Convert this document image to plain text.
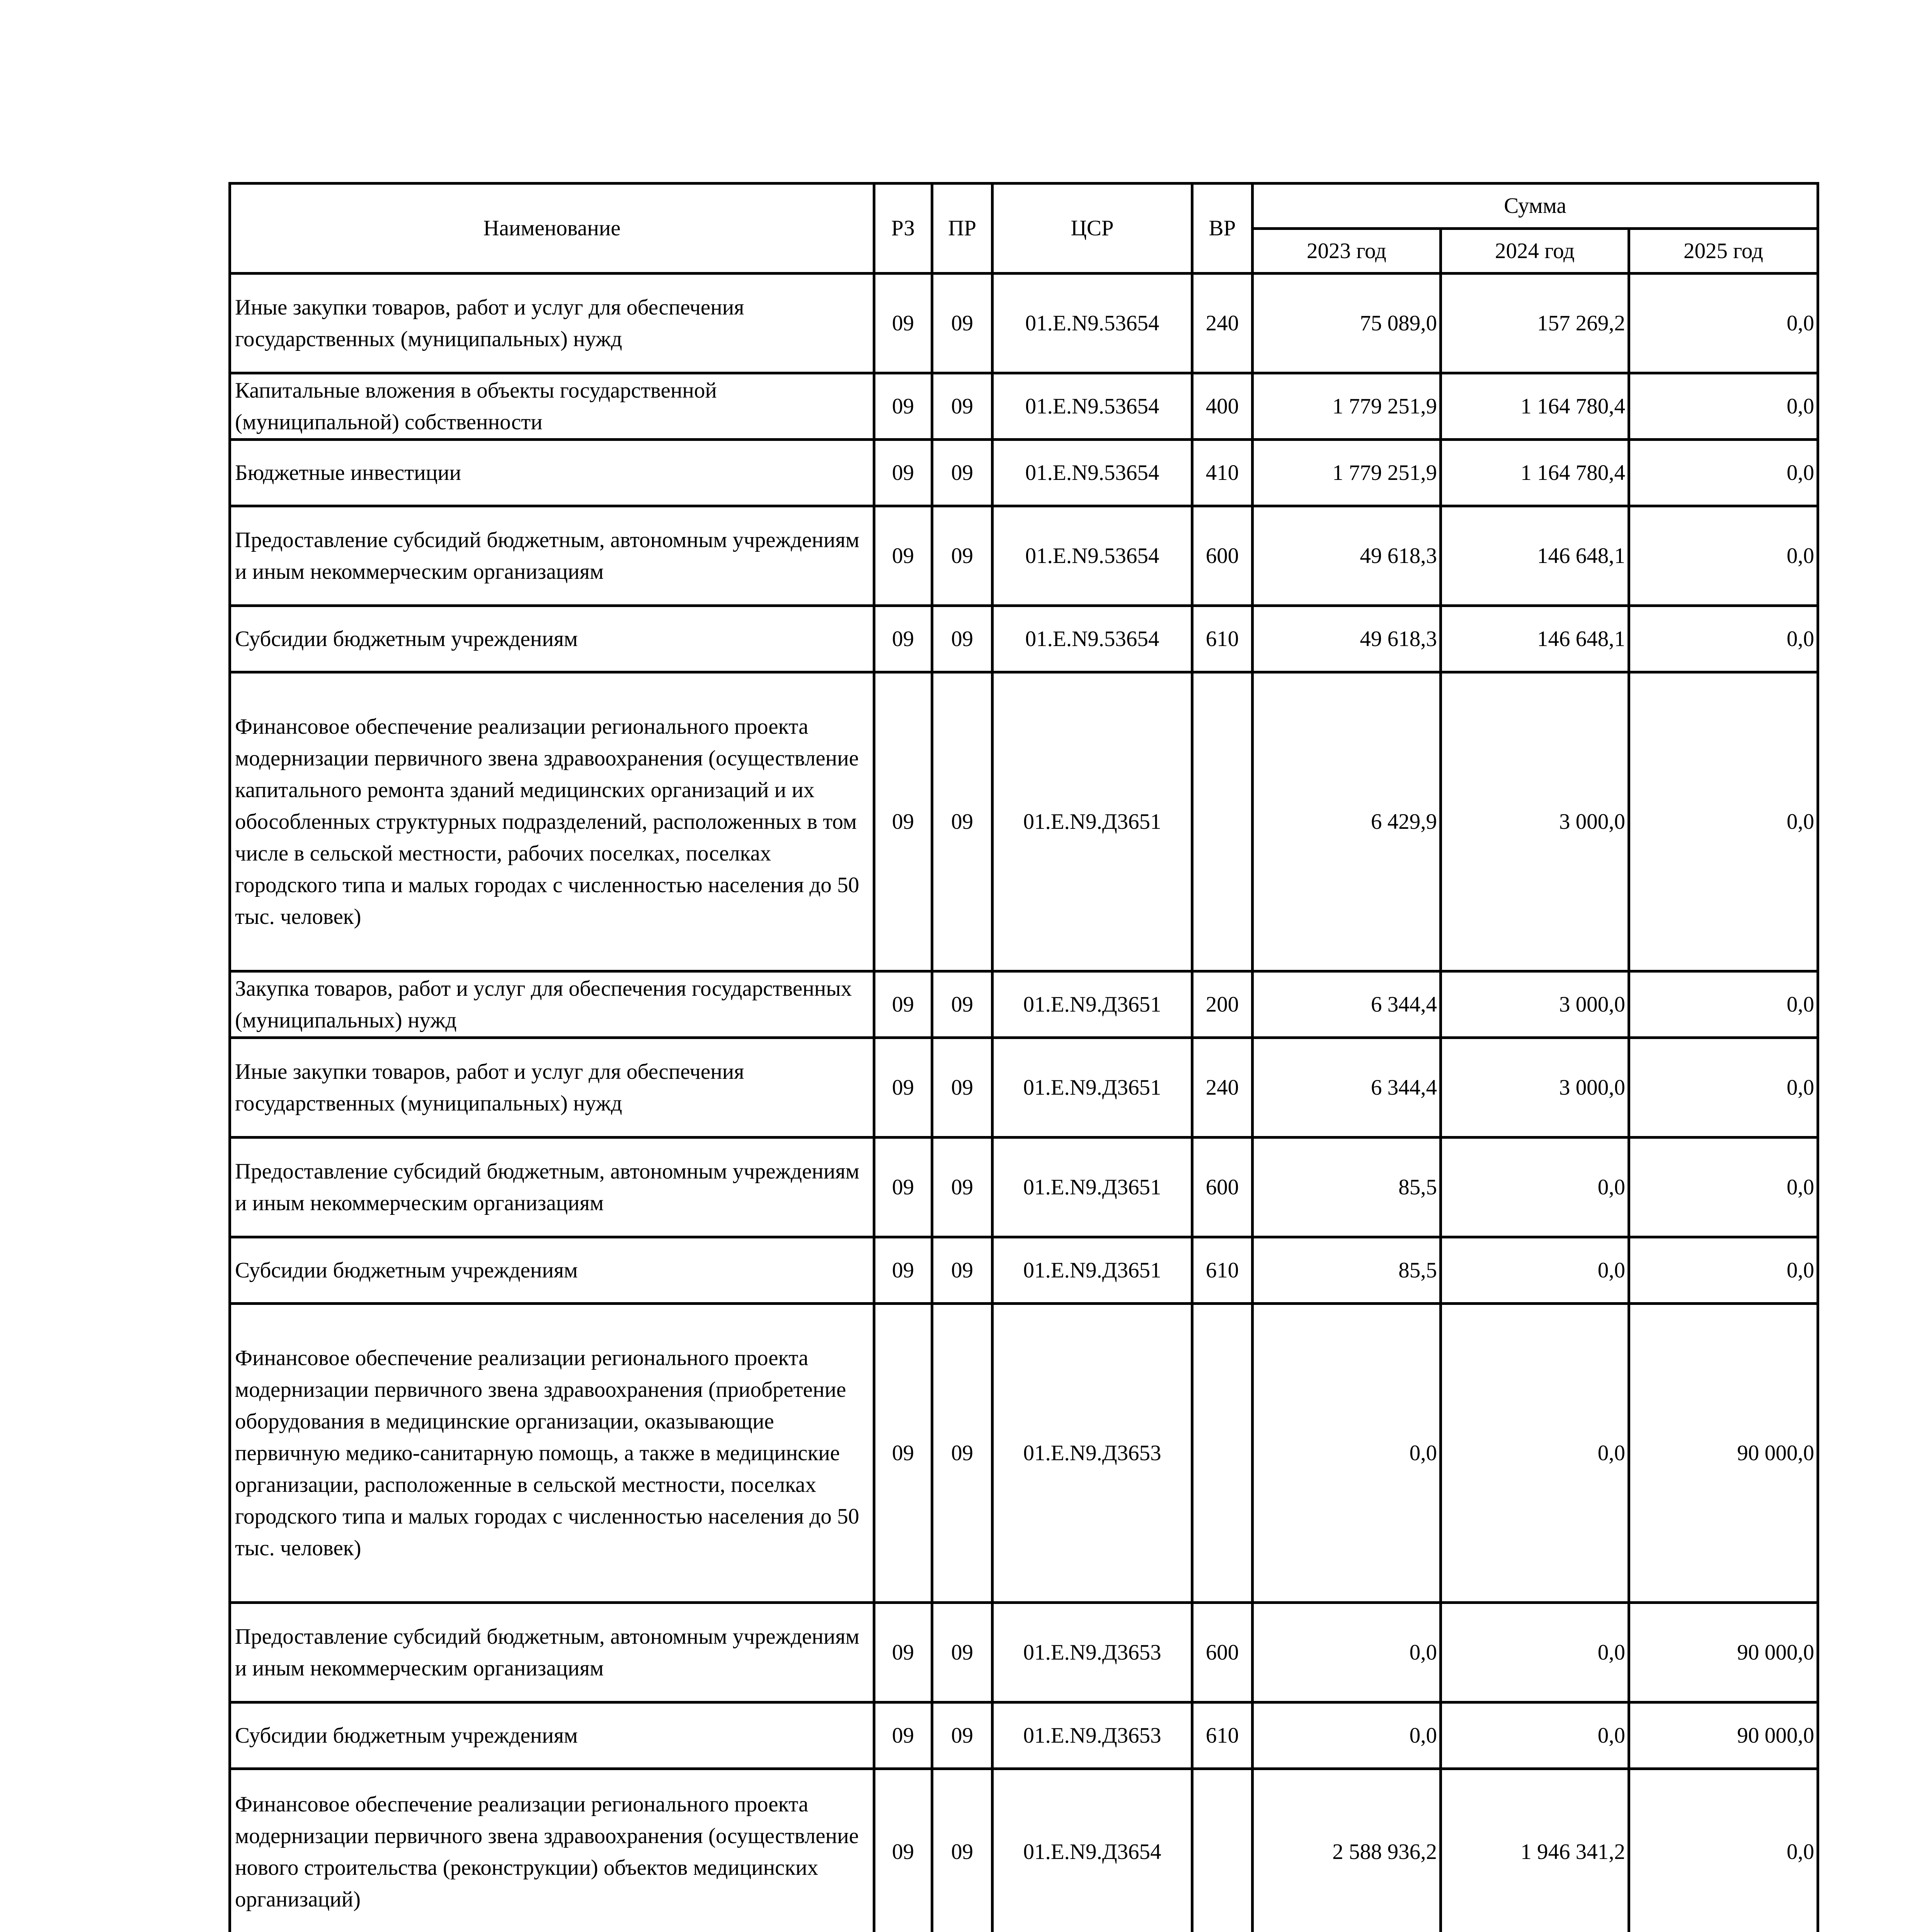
Наименование	РЗ	ПР	ЦСР	ВР	Сумма		
					2023 год	2024 год	2025 год
Иные закупки товаров, работ и услуг для обеспечения государственных (муниципальных) нужд	09	09	01.Е.N9.53654	240	75 089,0	157 269,2	0,0
Капитальные вложения в объекты государственной (муниципальной) собственности	09	09	01.Е.N9.53654	400	1 779 251,9	1 164 780,4	0,0
Бюджетные инвестиции	09	09	01.Е.N9.53654	410	1 779 251,9	1 164 780,4	0,0
Предоставление субсидий бюджетным, автономным учреждениям и иным некоммерческим организациям	09	09	01.Е.N9.53654	600	49 618,3	146 648,1	0,0
Субсидии бюджетным учреждениям	09	09	01.Е.N9.53654	610	49 618,3	146 648,1	0,0
Финансовое обеспечение реализации регионального проекта модернизации первичного звена здравоохранения (осуществление капитального ремонта зданий медицинских организаций и их обособленных структурных подразделений, расположенных в том числе в сельской местности, рабочих поселках, поселках городского типа и малых городах с численностью населения до 50 тыс. человек)	09	09	01.Е.N9.Д3651		6 429,9	3 000,0	0,0
Закупка товаров, работ и услуг для обеспечения государственных (муниципальных) нужд	09	09	01.Е.N9.Д3651	200	6 344,4	3 000,0	0,0
Иные закупки товаров, работ и услуг для обеспечения государственных (муниципальных) нужд	09	09	01.Е.N9.Д3651	240	6 344,4	3 000,0	0,0
Предоставление субсидий бюджетным, автономным учреждениям и иным некоммерческим организациям	09	09	01.Е.N9.Д3651	600	85,5	0,0	0,0
Субсидии бюджетным учреждениям	09	09	01.Е.N9.Д3651	610	85,5	0,0	0,0
Финансовое обеспечение реализации регионального проекта модернизации первичного звена здравоохранения (приобретение оборудования в медицинские организации, оказывающие первичную медико-санитарную помощь, а также в медицинские организации, расположенные в сельской местности, поселках городского типа и малых городах с численностью населения до 50 тыс. человек)	09	09	01.Е.N9.Д3653		0,0	0,0	90 000,0
Предоставление субсидий бюджетным, автономным учреждениям и иным некоммерческим организациям	09	09	01.Е.N9.Д3653	600	0,0	0,0	90 000,0
Субсидии бюджетным учреждениям	09	09	01.Е.N9.Д3653	610	0,0	0,0	90 000,0
Финансовое обеспечение реализации регионального проекта модернизации первичного звена здравоохранения (осуществление нового строительства (реконструкции) объектов медицинских организаций)	09	09	01.Е.N9.Д3654		2 588 936,2	1 946 341,2	0,0
